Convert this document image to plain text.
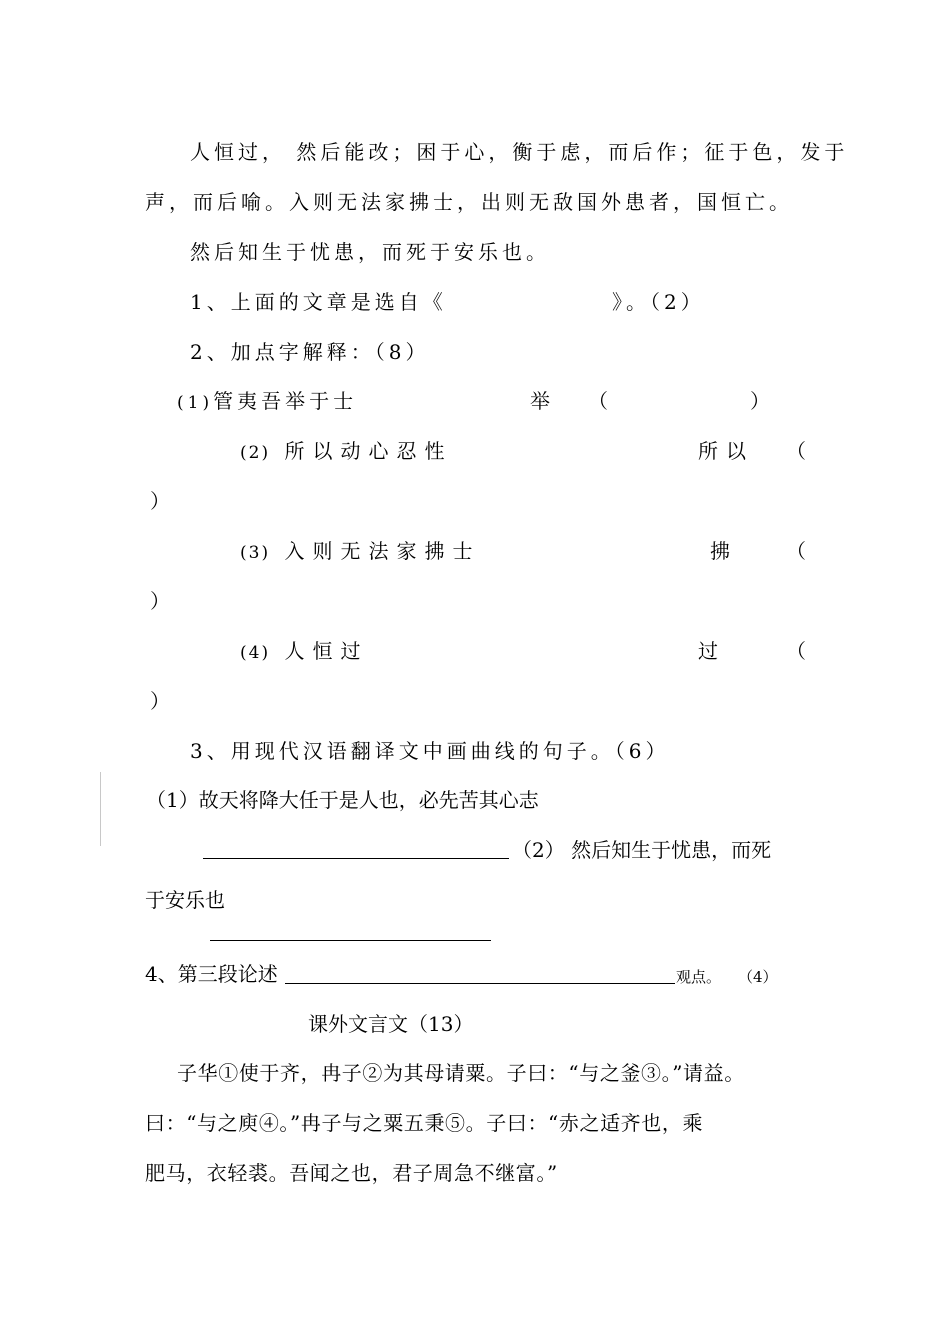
人恒过， 然后能改；困于心，衡于虑，而后作；征于色，发于
声，而后喻。入则无法家拂士，出则无敌国外患者，国恒亡。
然后知生于忧患，而死于安乐也。
1、上面的文章是选自《	》。（2）
2、加点字解释：（8）
(1)管夷吾举于士	举 （	）
(2) 所以动心忍性	所以 （
）
(3) 入则无法家拂士	拂	（
）
(4) 人恒过	过	（
）
3、用现代汉语翻译文中画曲线的句子。（6）
（1）故天将降大任于是人也，必先苦其心志
（2） 然后知生于忧患，而死
于安乐也
4、第三段论述	观点。 （4）
课外文言文（13）
子华①使于齐，冉子②为其母请粟。子曰：“与之釜③。”请益。
曰：“与之庾④。”冉子与之粟五秉⑤。子曰：“赤之适齐也，乘
肥马，衣轻裘。吾闻之也，君子周急不继富。”
